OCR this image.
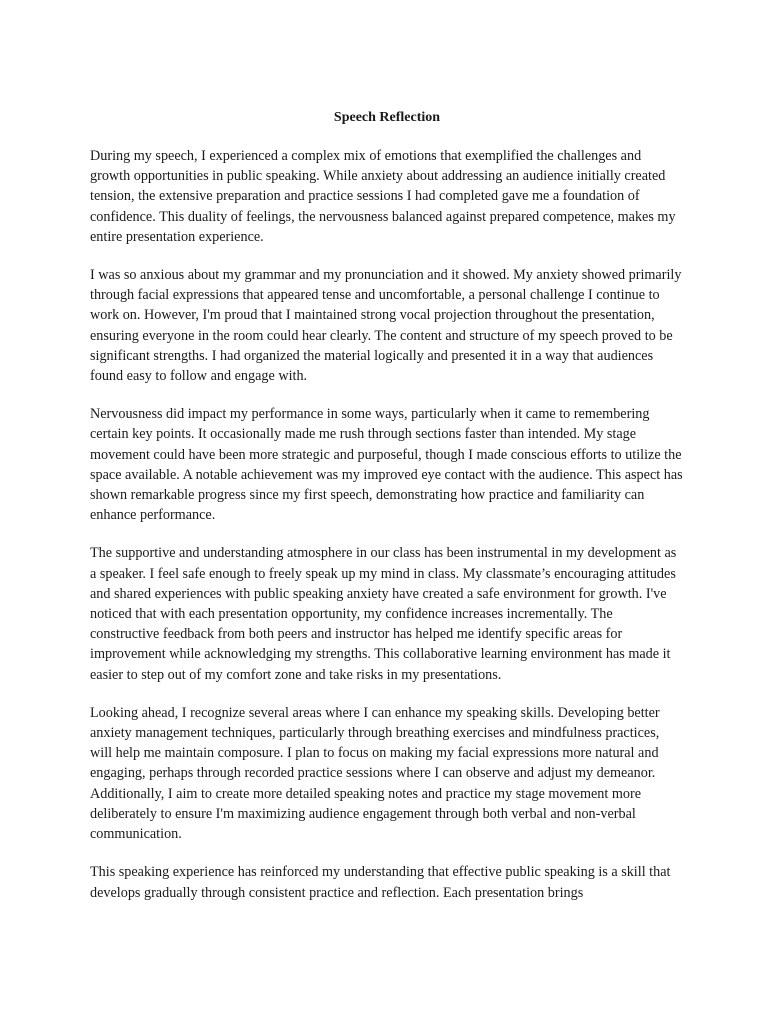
Speech Reflection

During my speech, I experienced a complex mix of emotions that exemplified the challenges and growth opportunities in public speaking. While anxiety about addressing an audience initially created tension, the extensive preparation and practice sessions I had completed gave me a foundation of confidence. This duality of feelings, the nervousness balanced against prepared competence, makes my entire presentation experience.

I was so anxious about my grammar and my pronunciation and it showed. My anxiety showed primarily through facial expressions that appeared tense and uncomfortable, a personal challenge I continue to work on. However, I'm proud that I maintained strong vocal projection throughout the presentation, ensuring everyone in the room could hear clearly. The content and structure of my speech proved to be significant strengths. I had organized the material logically and presented it in a way that audiences found easy to follow and engage with.

Nervousness did impact my performance in some ways, particularly when it came to remembering certain key points. It occasionally made me rush through sections faster than intended. My stage movement could have been more strategic and purposeful, though I made conscious efforts to utilize the space available. A notable achievement was my improved eye contact with the audience. This aspect has shown remarkable progress since my first speech, demonstrating how practice and familiarity can enhance performance.

The supportive and understanding atmosphere in our class has been instrumental in my development as a speaker. I feel safe enough to freely speak up my mind in class. My classmate’s encouraging attitudes and shared experiences with public speaking anxiety have created a safe environment for growth. I've noticed that with each presentation opportunity, my confidence increases incrementally. The constructive feedback from both peers and instructor has helped me identify specific areas for improvement while acknowledging my strengths. This collaborative learning environment has made it easier to step out of my comfort zone and take risks in my presentations.

Looking ahead, I recognize several areas where I can enhance my speaking skills. Developing better anxiety management techniques, particularly through breathing exercises and mindfulness practices, will help me maintain composure. I plan to focus on making my facial expressions more natural and engaging, perhaps through recorded practice sessions where I can observe and adjust my demeanor. Additionally, I aim to create more detailed speaking notes and practice my stage movement more deliberately to ensure I'm maximizing audience engagement through both verbal and non-verbal communication.

This speaking experience has reinforced my understanding that effective public speaking is a skill that develops gradually through consistent practice and reflection. Each presentation brings
